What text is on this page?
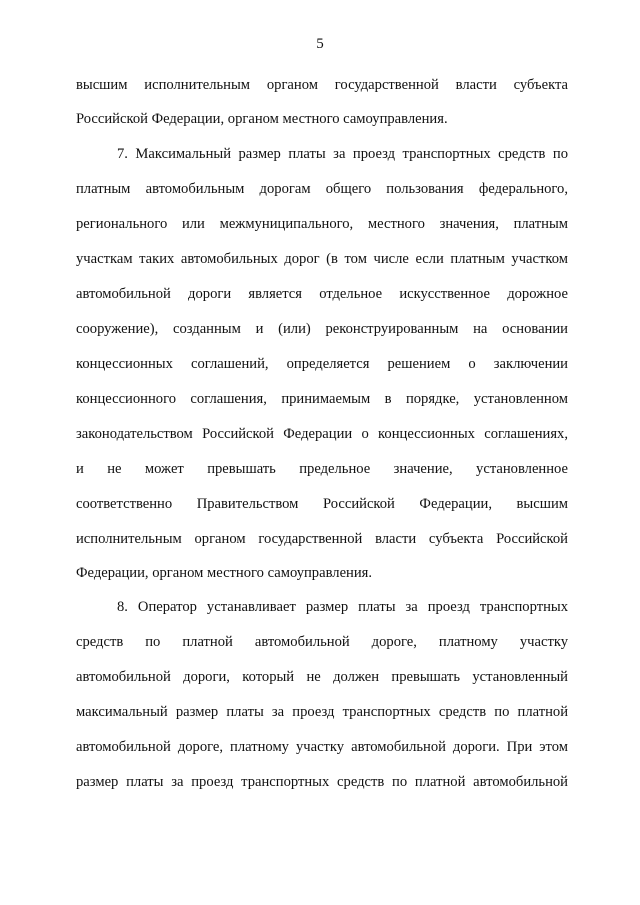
5
высшим исполнительным органом государственной власти субъекта
Российской Федерации, органом местного самоуправления.
7. Максимальный размер платы за проезд транспортных средств по
платным автомобильным дорогам общего пользования федерального,
регионального или межмуниципального, местного значения, платным
участкам таких автомобильных дорог (в том числе если платным участком
автомобильной дороги является отдельное искусственное дорожное
сооружение), созданным и (или) реконструированным на основании
концессионных соглашений, определяется решением о заключении
концессионного соглашения, принимаемым в порядке, установленном
законодательством Российской Федерации о концессионных соглашениях,
и не может превышать предельное значение, установленное
соответственно Правительством Российской Федерации, высшим
исполнительным органом государственной власти субъекта Российской
Федерации, органом местного самоуправления.
8. Оператор устанавливает размер платы за проезд транспортных
средств по платной автомобильной дороге, платному участку
автомобильной дороги, который не должен превышать установленный
максимальный размер платы за проезд транспортных средств по платной
автомобильной дороге, платному участку автомобильной дороги. При этом
размер платы за проезд транспортных средств по платной автомобильной
